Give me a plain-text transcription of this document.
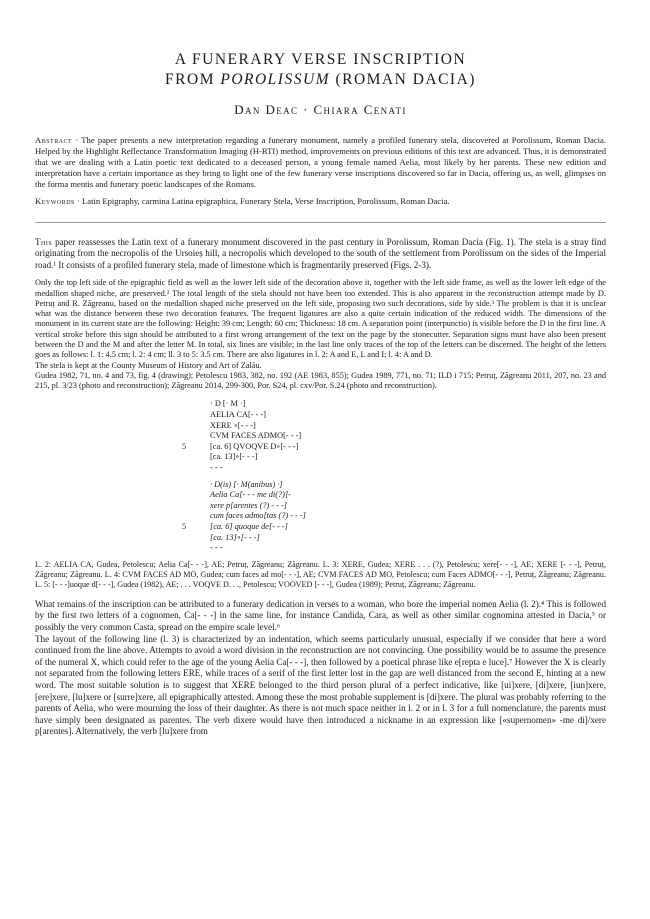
A FUNERARY VERSE INSCRIPTION
FROM POROLISSUM (ROMAN DACIA)
Dan Deac · Chiara Cenati
Abstract · The paper presents a new interpretation regarding a funerary monument, namely a profiled funerary stela, discovered at Porolissum, Roman Dacia. Helped by the Highlight Reflectance Transformation Imaging (H-RTI) method, improvements on previous editions of this text are advanced. Thus, it is demonstrated that we are dealing with a Latin poetic text dedicated to a deceased person, a young female named Aelia, most likely by her parents. These new edition and interpretation have a certain importance as they bring to light one of the few funerary verse inscriptions discovered so far in Dacia, offering us, as well, glimpses on the forma mentis and funerary poetic landscapes of the Romans.
Keywords · Latin Epigraphy, carmina Latina epigraphica, Funerary Stela, Verse Inscription, Porolissum, Roman Dacia.

This paper reassesses the Latin text of a funerary monument discovered in the past century in Porolissum, Roman Dacia (Fig. 1). The stela is a stray find originating from the necropolis of the Ursoieș hill, a necropolis which developed to the south of the settlement from Porolissum on the sides of the Imperial road.¹ It consists of a profiled funerary stela, made of limestone which is fragmentarily preserved (Figs. 2-3).

Only the top left side of the epigraphic field as well as the lower left side of the decoration above it, together with the left side frame, as well as the lower left edge of the medallion shaped niche, are preserved.² The total length of the stela should not have been too extended. This is also apparent in the reconstruction attempt made by D. Petruț and R. Zăgreanu, based on the medallion shaped niche preserved on the left side, proposing two such decorations, side by side.³ The problem is that it is unclear what was the distance between these two decoration features. The frequent ligatures are also a quite certain indication of the reduced width. The dimensions of the monument in its current state are the following: Height: 39 cm; Length: 60 cm; Thickness: 18 cm. A separation point (interpunctio) is visible before the D in the first line. A vertical stroke before this sign should be attributed to a first wrong arrangement of the text on the page by the stonecutter. Separation signs must have also been present between the D and the M and after the letter M. In total, six lines are visible; in the last line only traces of the top of the letters can be discerned. The height of the letters goes as follows: l. 1: 4.5 cm; l. 2: 4 cm; ll. 3 to 5: 3.5 cm. There are also ligatures in l. 2: A and E, L and I; l. 4: A and D.

The stela is kept at the County Museum of History and Art of Zalău.

Gudea 1982, 71, no. 4 and 73, fig. 4 (drawing); Petolescu 1983, 382, no. 192 (AE 1983, 855); Gudea 1989, 771, no. 71; ILD i 715; Petruț, Zăgreanu 2011, 207, no. 23 and 215, pl. 3/23 (photo and reconstruction); Zăgreanu 2014, 299-300, Por. S24, pl. cxv/Por. S.24 (photo and reconstruction).

· D [· M ·]
AELIA CA[- - -]
XERE ∘[- - -]
CVM FACES ADMO[- - -]
5	[ca. 6] QVOQVE D∘[- - -]
[ca. 13]∘[- - -]
- - -
· D(is) [· M(anibus) ·]
Aelia Ca[- - - me di(?)]-
xere p[arentes (?) - - -]
cum faces admo[tas (?) - - -]
5	[ca. 6] quoque de[- - -]
[ca. 13]∘[- - -]
- - -

L. 2: AELIA CA, Gudea, Petolescu; Aelia Ca[- - -], AE; Petruț, Zăgreanu; Zăgreanu. L. 3: XERE, Gudea; XERE . . . (?), Petolescu; xere[- - -], AE; XERE [- - -], Petruț, Zăgreanu; Zăgreanu. L. 4: CVM FACES AD MO, Gudea; cum faces ad mo[- - -], AE; CVM FACES AD MO, Petolescu; cum Faces ADMO[- - -], Petruț, Zăgreanu; Zăgreanu. L. 5: [- - -]uoque d[- - -], Gudea (1982), AE; . . . VOQVE D. . ., Petolescu; VOOVED [- - -], Gudea (1989); Petruț, Zăgreanu; Zăgreanu.

What remains of the inscription can be attributed to a funerary dedication in verses to a woman, who bore the imperial nomen Aelia (l. 2).⁴ This is followed by the first two letters of a cognomen, Ca[- - -] in the same line, for instance Candida, Cara, as well as other similar cognomina attested in Dacia,⁵ or possibly the very common Casta, spread on the empire scale level.⁶

The layout of the following line (l. 3) is characterized by an indentation, which seems particularly unusual, especially if we consider that here a word continued from the line above. Attempts to avoid a word division in the reconstruction are not convincing. One possibility would be to assume the presence of the numeral X, which could refer to the age of the young Aelia Ca[- - -], then followed by a poetical phrase like e[repta e luce].⁷ However the X is clearly not separated from the following letters ERE, while traces of a serif of the first letter lost in the gap are well distanced from the second E, hinting at a new word. The most suitable solution is to suggest that XERE belonged to the third person plural of a perfect indicative, like [ui]xere, [di]xere, [iun]xere, [ere]xere, [lu]xere or [surre]xere, all epigraphically attested. Among these the most probable supplement is [di]xere. The plural was probably referring to the parents of Aelia, who were mourning the loss of their daughter. As there is not much space neither in l. 2 or in l. 3 for a full nomenclature, the parents must have simply been designated as parentes. The verb dixere would have then introduced a nickname in an expression like [«supernomen» -me di]/xere p[arentes]. Alternatively, the verb [lu]xere from
